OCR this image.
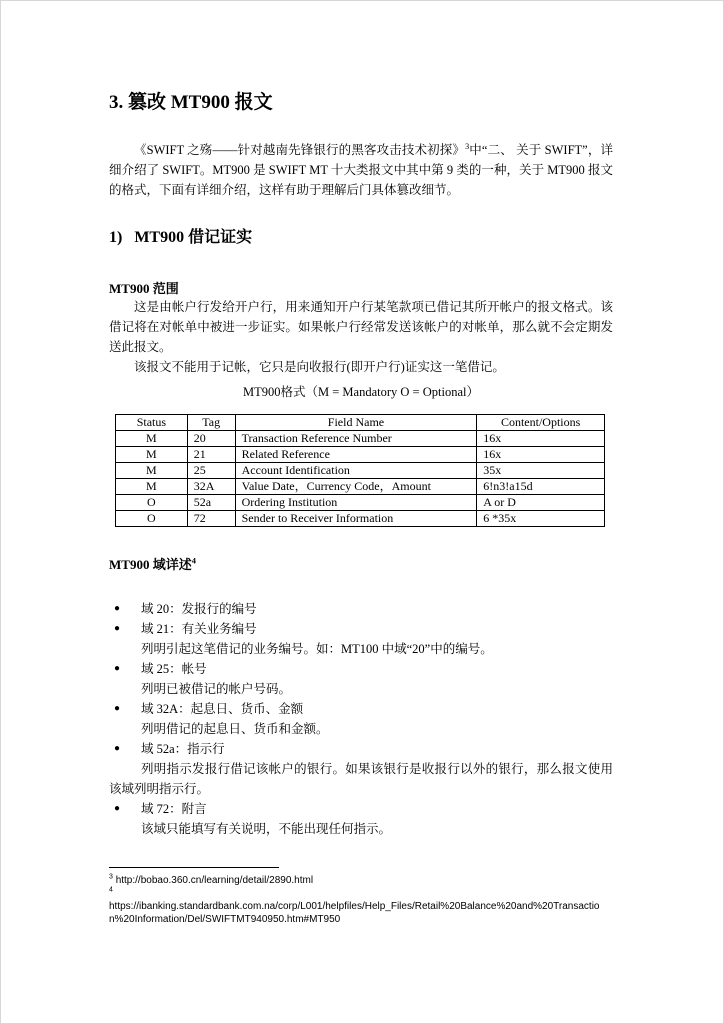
3. 篡改 MT900 报文

《SWIFT 之殇——针对越南先锋银行的黑客攻击技术初探》$^3$中“二、 关于 SWIFT”，详细介绍了 SWIFT。MT900 是 SWIFT MT 十大类报文中其中第 9 类的一种，关于 MT900 报文的格式，下面有详细介绍，这样有助于理解后门具体篡改细节。

1) MT900 借记证实
MT900 范围

这是由帐户行发给开户行，用来通知开户行某笔款项已借记其所开帐户的报文格式。该借记将在对帐单中被进一步证实。如果帐户行经常发送该帐户的对帐单，那么就不会定期发送此报文。

该报文不能用于记帐，它只是向收报行(即开户行)证实这一笔借记。

MT900格式（M = Mandatory O = Optional）
Status	Tag	Field Name	Content/Options
M	20	Transaction Reference Number	16x
M	21	Related Reference	16x
M	25	Account Identification	35x
M	32A	Value Date，Currency Code，Amount	6!n3!a15d
O	52a	Ordering Institution	A or D
O	72	Sender to Receiver Information	6 *35x
MT900 域详述$^4$
● 域 20：发报行的编号
● 域 21：有关业务编号
列明引起这笔借记的业务编号。如：MT100 中域“20”中的编号。
● 域 25：帐号
列明已被借记的帐户号码。
● 域 32A：起息日、货币、金额
列明借记的起息日、货币和金额。
● 域 52a：指示行
列明指示发报行借记该帐户的银行。如果该银行是收报行以外的银行，那么报文使用该域列明指示行。
● 域 72：附言
该域只能填写有关说明，不能出现任何指示。
$^3$ http://bobao.360.cn/learning/detail/2890.html
$^4$
https://ibanking.standardbank.com.na/corp/L001/helpfiles/Help_Files/Retail%20Balance%20and%20Transaction%20Information/Del/SWIFTMT940950.htm#MT950
